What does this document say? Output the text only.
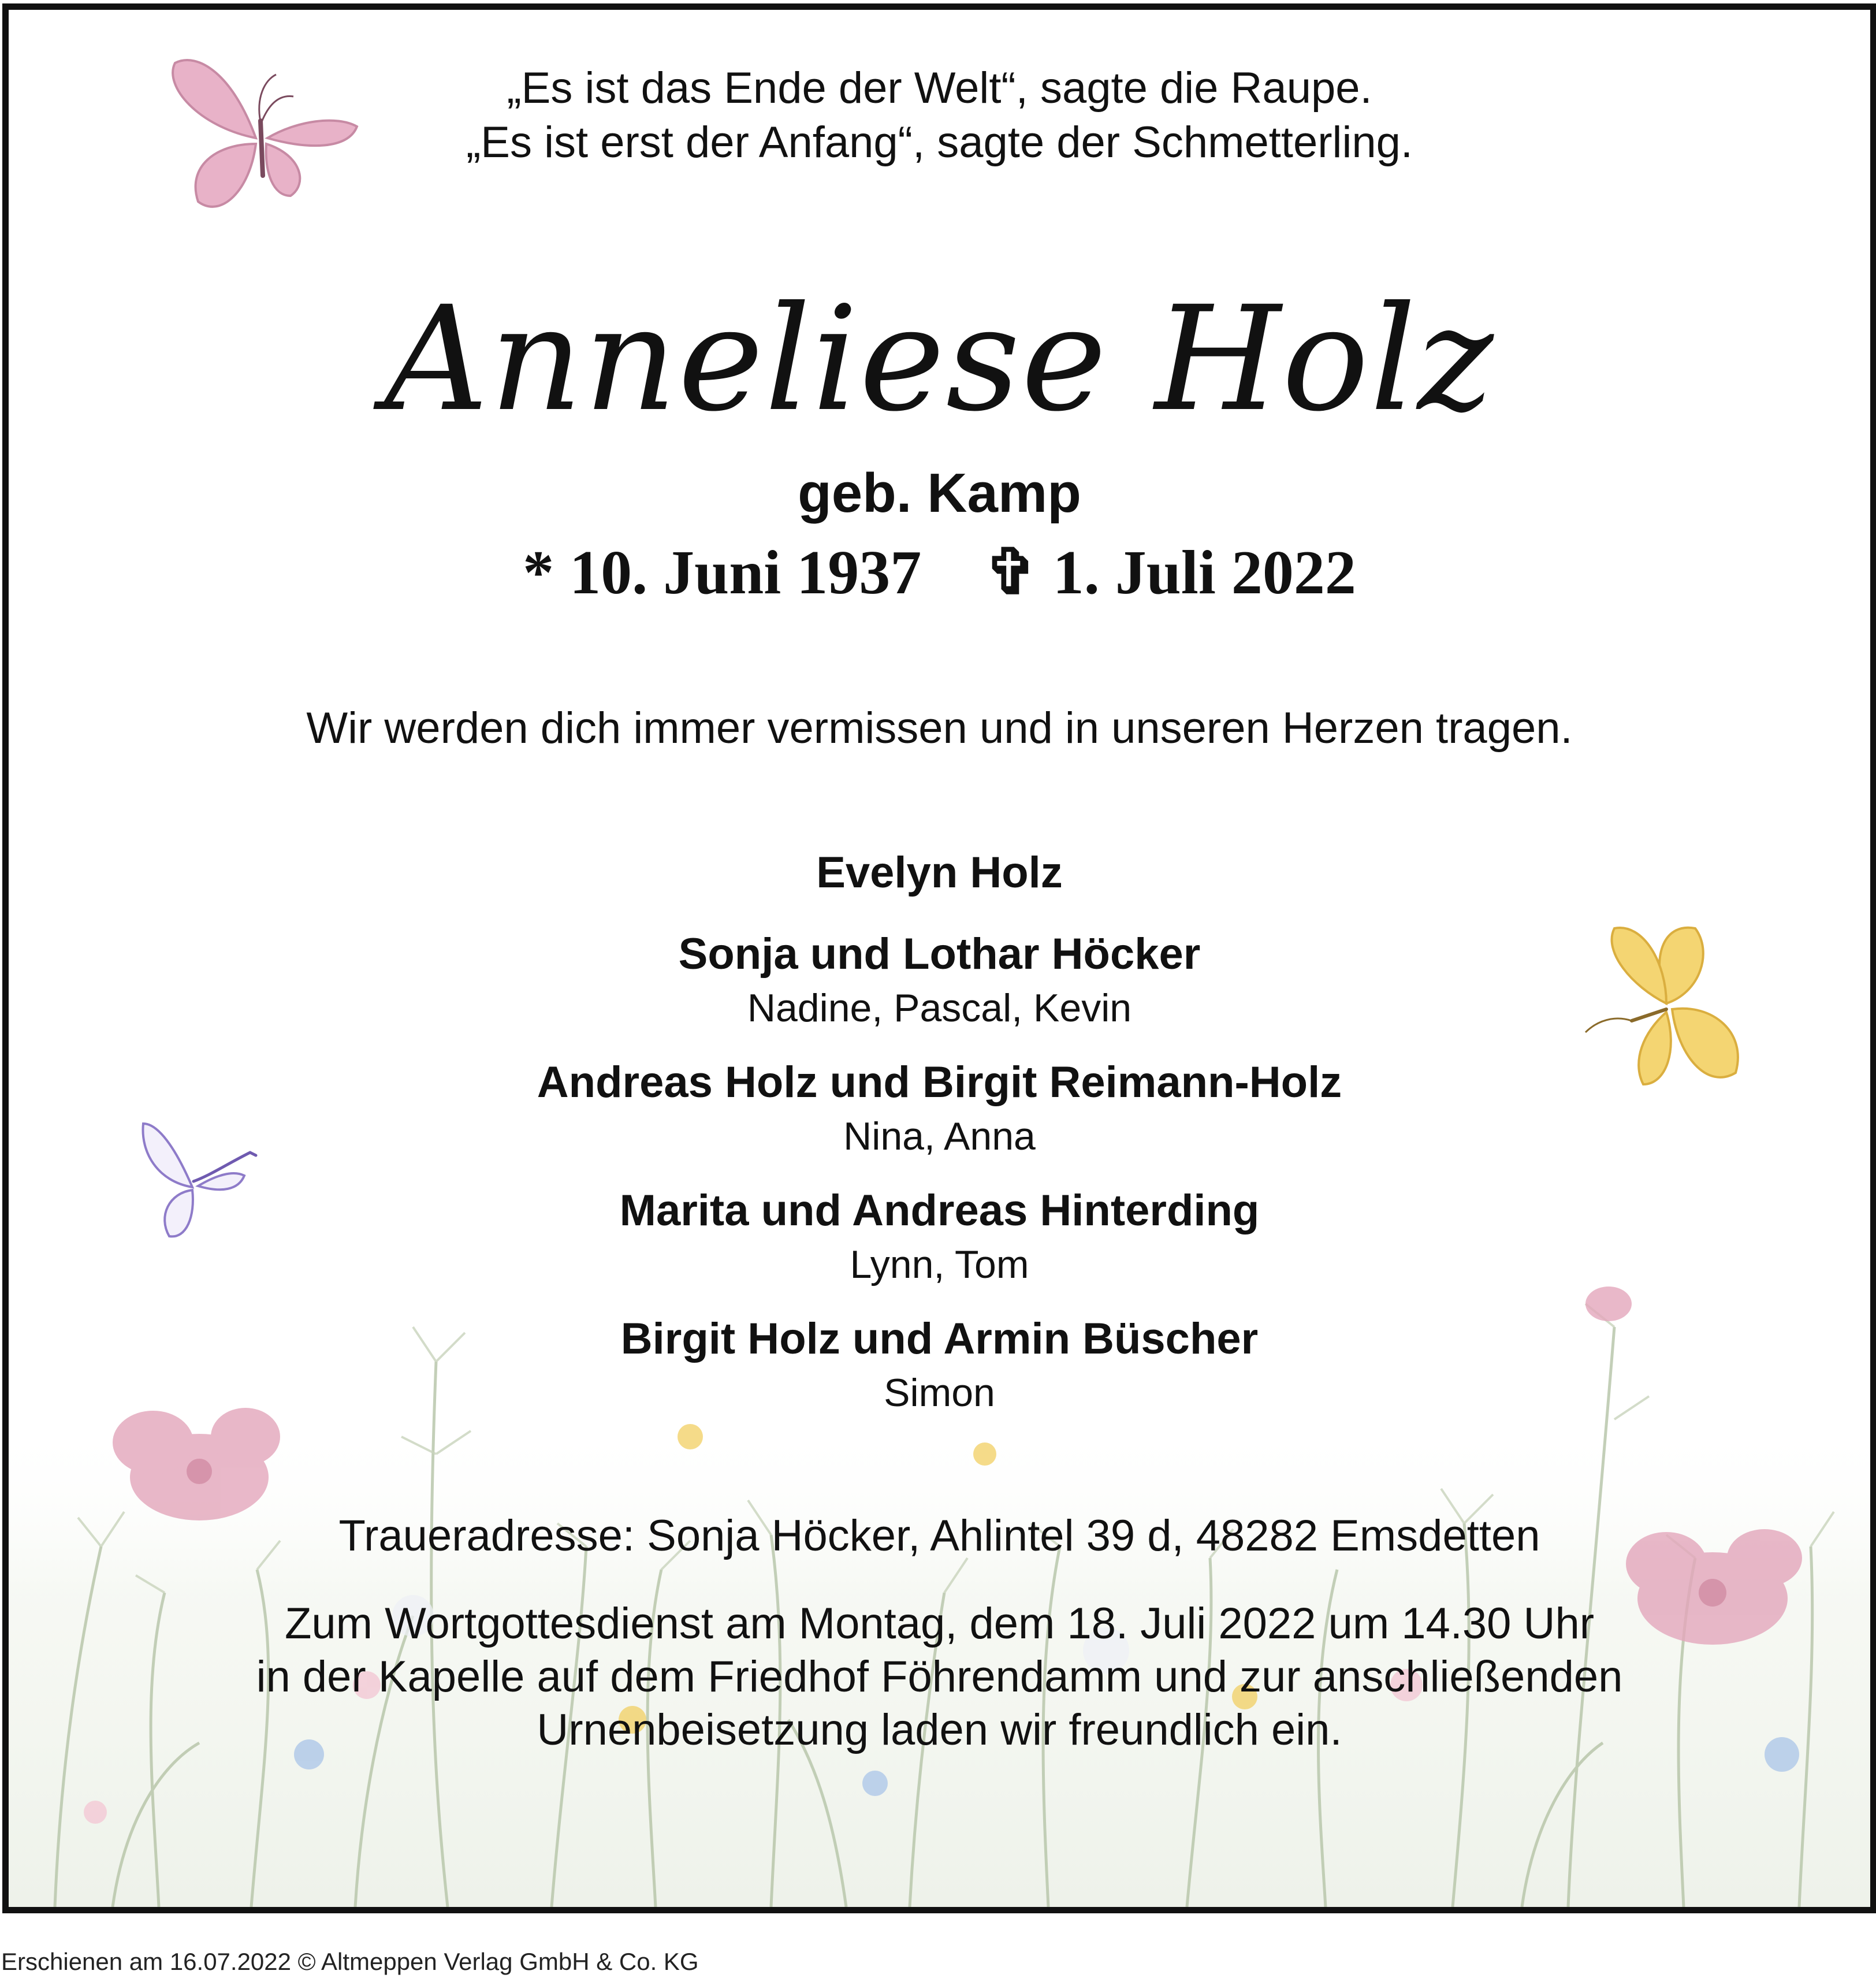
„Es ist das Ende der Welt“, sagte die Raupe.

„Es ist erst der Anfang“, sagte der Schmetterling.

Anneliese Holz

geb. Kamp

* 10. Juni 1937 ✞ 1. Juli 2022

Wir werden dich immer vermissen und in unseren Herzen tragen.

Evelyn Holz

Sonja und Lothar Höcker

Nadine, Pascal, Kevin

Andreas Holz und Birgit Reimann-Holz

Nina, Anna

Marita und Andreas Hinterding

Lynn, Tom

Birgit Holz und Armin Büscher

Simon

Traueradresse: Sonja Höcker, Ahlintel 39 d, 48282 Emsdetten

Zum Wortgottesdienst am Montag, dem 18. Juli 2022 um 14.30 Uhr

in der Kapelle auf dem Friedhof Föhrendamm und zur anschließenden

Urnenbeisetzung laden wir freundlich ein.

Erschienen am 16.07.2022 © Altmeppen Verlag GmbH & Co. KG
